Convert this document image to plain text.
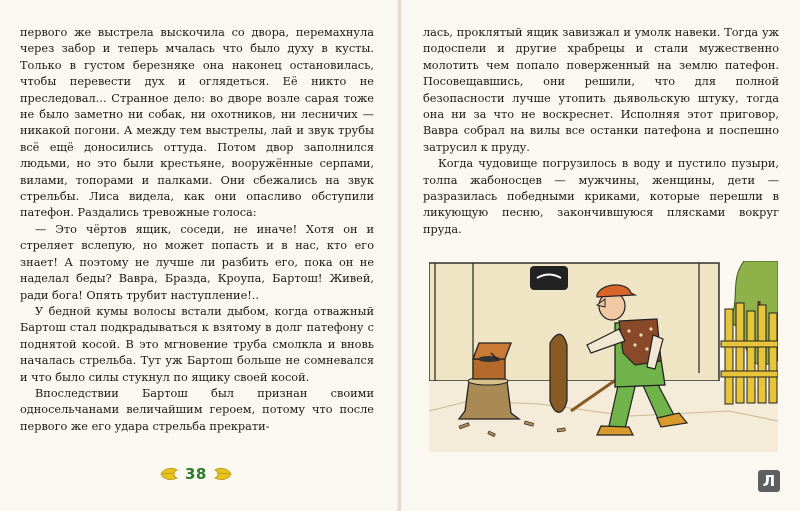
первого же выстрела выскочила со двора, перемахнула через забор и теперь мчалась что было духу в кусты. Только в густом березняке она наконец остановилась, чтобы перевести дух и оглядеться. Её никто не преследовал... Странное дело: во дворе возле сарая тоже не было заметно ни собак, ни охотников, ни лесничих — никакой погони. А между тем выстрелы, лай и звук трубы всё ещё доносились оттуда. Потом двор заполнился людьми, но это были крестьяне, вооружённые серпами, вилами, топорами и палками. Они сбежались на звук стрельбы. Лиса видела, как они опасливо обступили патефон. Раздались тревожные голоса:

— Это чёртов ящик, соседи, не иначе! Хотя он и стреляет вслепую, но может попасть и в нас, кто его знает! А поэтому не лучше ли разбить его, пока он не наделал беды? Вавра, Бразда, Кроупа, Бартош! Живей, ради бога! Опять трубит наступление!..

У бедной кумы волосы встали дыбом, когда отважный Бартош стал подкрадываться к взятому в долг патефону с поднятой косой. В это мгновение труба смолкла и вновь началась стрельба. Тут уж Бартош больше не сомневался и что было силы стукнул по ящику своей косой.

Впоследствии Бартош был признан своими односельчанами величайшим героем, потому что после первого же его удара стрельба прекрати-

38

лась, проклятый ящик завизжал и умолк навеки. Тогда уж подоспели и другие храбрецы и стали мужественно молотить чем попало поверженный на землю патефон. Посовещавшись, они решили, что для полной безопасности лучше утопить дьявольскую штуку, тогда она ни за что не воскреснет. Исполняя этот приговор, Вавра собрал на вилы все останки патефона и поспешно затрусил к пруду.

Когда чудовище погрузилось в воду и пустило пузыри, толпа жабоносцев — мужчины, женщины, дети — разразилась победными криками, которые перешли в ликующую песню, закончившуюся плясками вокруг пруда.

Л
